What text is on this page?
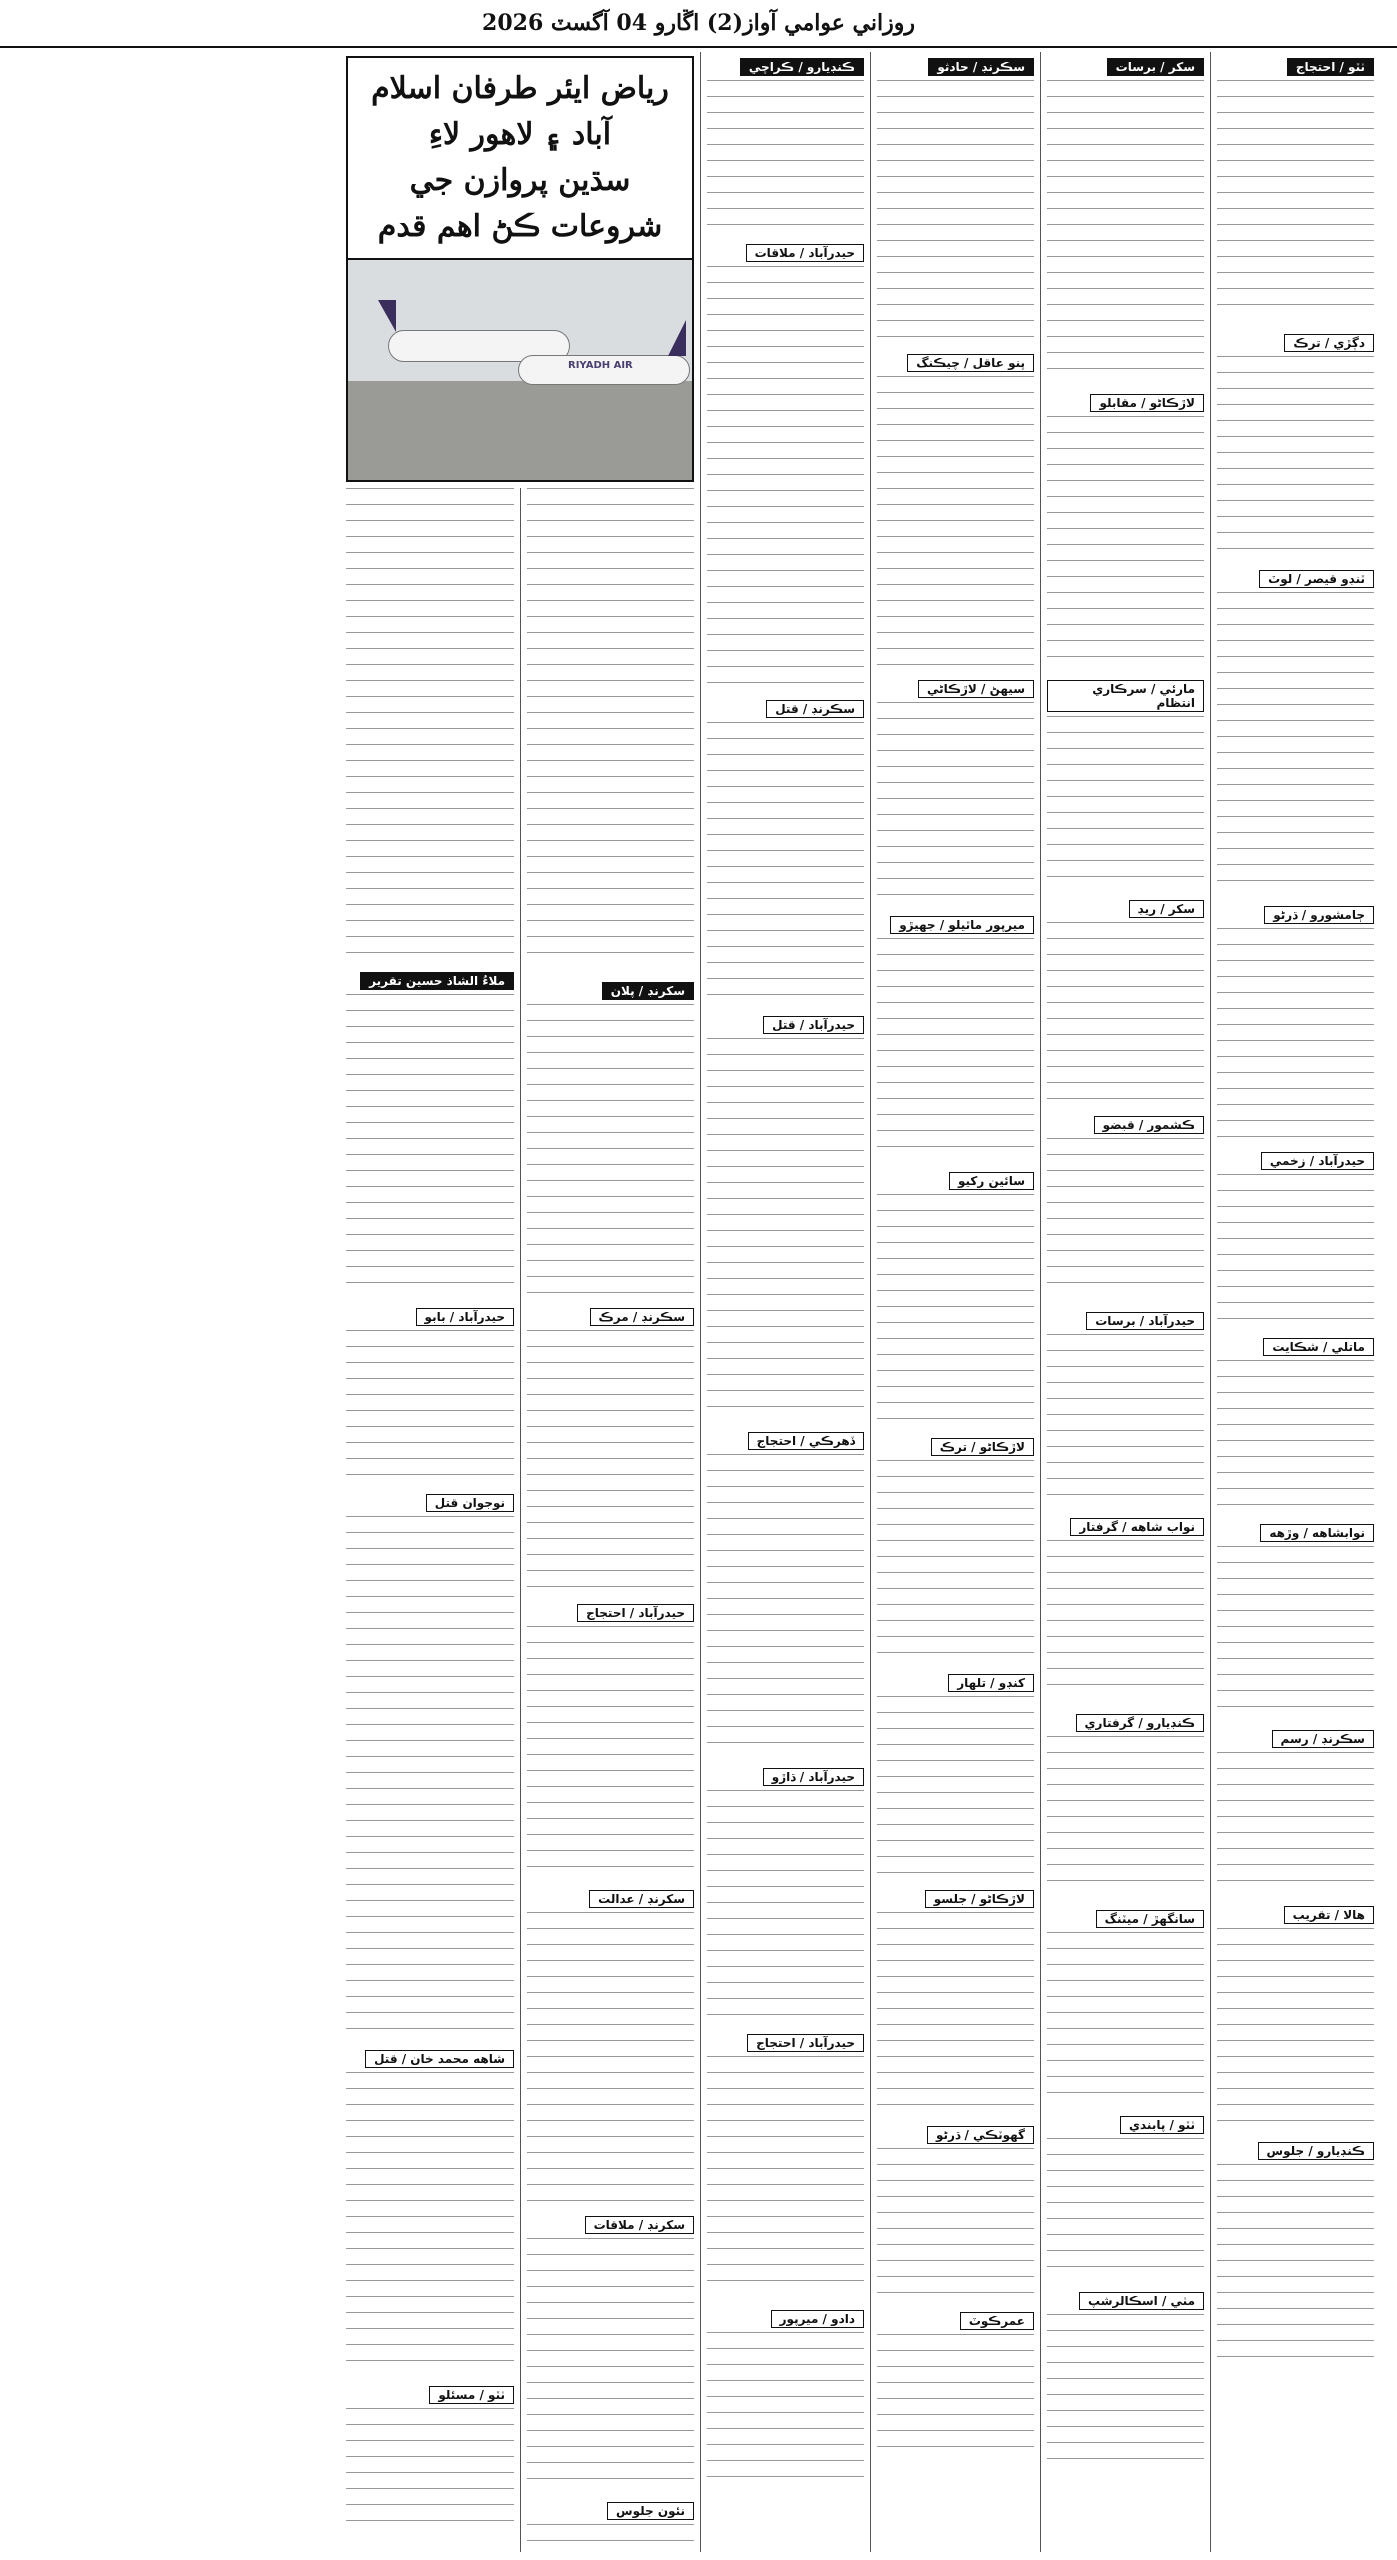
روزاني عوامي آواز(2) اڱارو 04 آگسٽ 2026
ٺٽو / احتجاج
دڳڙي / ترڪ
ٽنڊو قيصر / لوٽ
ڄامشورو / ڌرڻو
حيدرآباد / زخمي
ماتلي / شڪايت
نوابشاهه / وڙهه
سڪرنڊ / رسم
هالا / تقريب
ڪنڊيارو / جلوس
سکر / برسات
لاڙڪاڻو / مقابلو
مارئي / سرڪاري انتظام
سکر / ريڊ
ڪشمور / قبضو
حيدرآباد / برسات
نواب شاهه / گرفتار
ڪنڊيارو / گرفتاري
سانگهڙ / ميٽنگ
ٺٽو / پابندي
مٺي / اسڪالرشپ
سڪرنڊ / حادثو
پنو عاقل / چيڪنگ
سيهڻ / لاڙڪاڻي
ميرپور ماٿيلو / جهيڙو
سائين رکيو
لاڙڪاڻو / ترڪ
کنڊو / تلهار
لاڙڪاڻو / جلسو
گهوٽڪي / ڌرڻو
عمرڪوٽ
ڪنڊيارو / ڪراچي
حيدرآباد / ملاقات
سڪرنڊ / قتل
حيدرآباد / قتل
ڏهرڪي / احتجاج
حيدرآباد / ڌاڙو
حيدرآباد / احتجاج
دادو / ميرپور
رياض ايئر طرفان اسلام آباد ۽ لاهور لاءِ
سڌين پروازن جي شروعات ڪڻ اهم قدم
RIYADH AIR
سکرنڊ / پلان
سڪرنڊ / مرڪ
حيدرآباد / احتجاج
سکرنڊ / عدالت
سکرنڊ / ملاقات
نئون جلوس
ملاءُ الشاذ حسين تقرير
حيدرآباد / بابو
نوجوان قتل
شاهه محمد خان / قتل
ٺٽو / مسئلو
